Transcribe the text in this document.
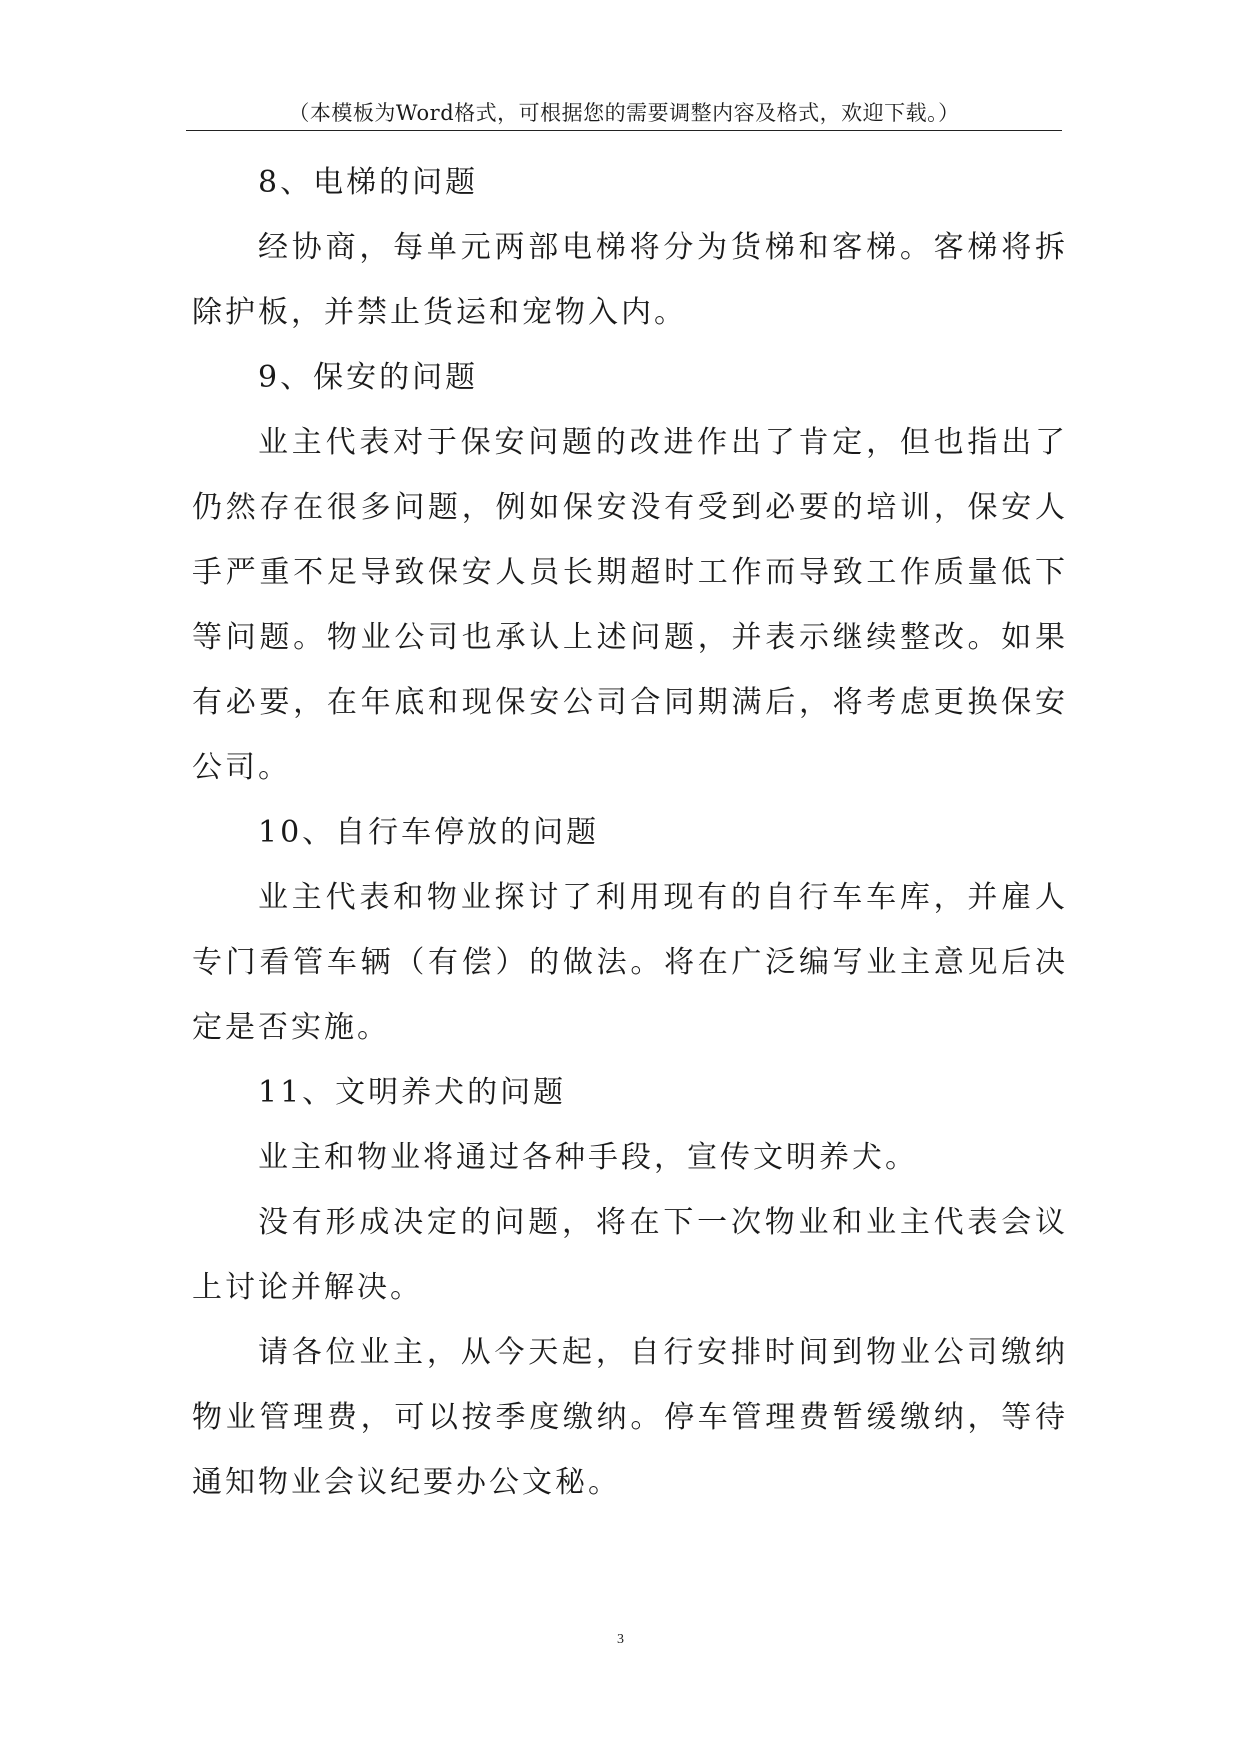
（本模板为Word格式，可根据您的需要调整内容及格式，欢迎下载。）

8、电梯的问题

经协商，每单元两部电梯将分为货梯和客梯。客梯将拆除护板，并禁止货运和宠物入内。

9、保安的问题

业主代表对于保安问题的改进作出了肯定，但也指出了仍然存在很多问题，例如保安没有受到必要的培训，保安人手严重不足导致保安人员长期超时工作而导致工作质量低下等问题。物业公司也承认上述问题，并表示继续整改。如果有必要，在年底和现保安公司合同期满后，将考虑更换保安公司。

10、自行车停放的问题

业主代表和物业探讨了利用现有的自行车车库，并雇人专门看管车辆（有偿）的做法。将在广泛编写业主意见后决定是否实施。

11、文明养犬的问题

业主和物业将通过各种手段，宣传文明养犬。

没有形成决定的问题，将在下一次物业和业主代表会议上讨论并解决。

请各位业主，从今天起，自行安排时间到物业公司缴纳物业管理费，可以按季度缴纳。停车管理费暂缓缴纳，等待通知物业会议纪要办公文秘。

3
